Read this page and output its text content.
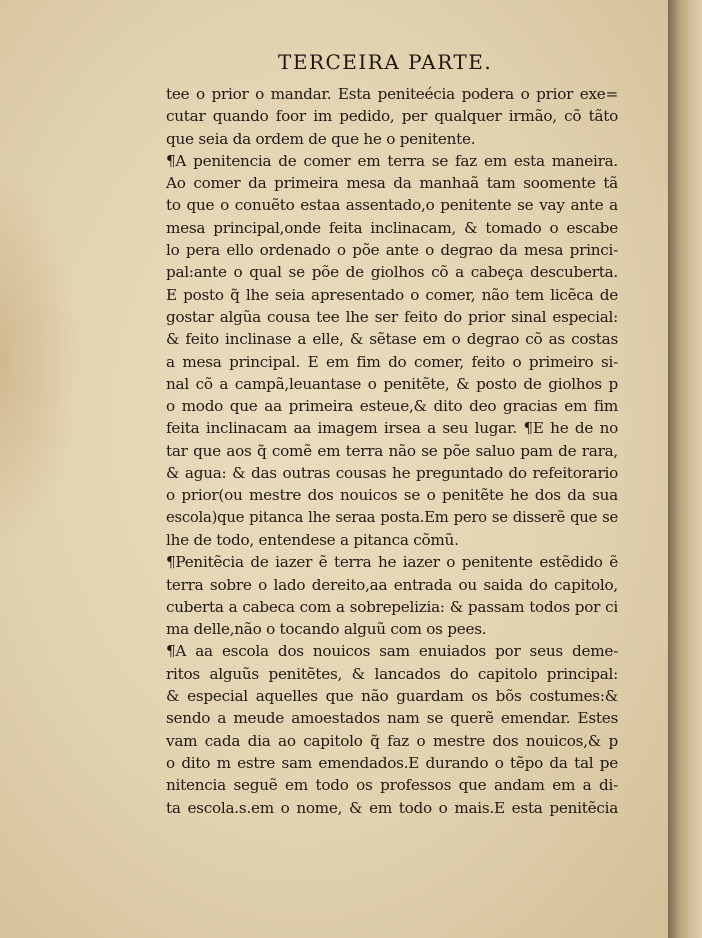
TERCEIRA PARTE.
tee o prior o mandar. Esta peniteécia podera o prior exe=
cutar quando foor im pedido, per qualquer irmão, cõ tãto
que seia da ordem de que he o penitente.
¶A penitencia de comer em terra se faz em esta maneira.
Ao comer da primeira mesa da manhaã tam soomente tã
to que o conuẽto estaa assentado,o penitente se vay ante a
mesa principal,onde feita inclinacam, & tomado o escabe
lo pera ello ordenado o põe ante o degrao da mesa princi-
pal:ante o qual se põe de giolhos cõ a cabeça descuberta.
E posto q̃ lhe seia apresentado o comer, não tem licẽca de
gostar algũa cousa tee lhe ser feito do prior sinal especial:
& feito inclinase a elle, & sẽtase em o degrao cõ as costas
a mesa principal. E em fim do comer, feito o primeiro si-
nal cõ a campã,leuantase o penitẽte, & posto de giolhos p
o modo que aa primeira esteue,& dito deo gracias em fim
feita inclinacam aa imagem irsea a seu lugar. ¶E he de no
tar que aos q̃ comẽ em terra não se põe saluo pam de rara,
& agua: & das outras cousas he preguntado do refeitorario
o prior(ou mestre dos nouicos se o penitẽte he dos da sua
escola)que pitanca lhe seraa posta.Em pero se disserẽ que se
lhe de todo, entendese a pitanca cõmũ.
¶Penitẽcia de iazer ẽ terra he iazer o penitente estẽdido ẽ
terra sobre o lado dereito,aa entrada ou saida do capitolo,
cuberta a cabeca com a sobrepelizia: & passam todos por ci
ma delle,não o tocando alguũ com os pees.
¶A aa escola dos nouicos sam enuiados por seus deme-
ritos alguũs penitẽtes, & lancados do capitolo principal:
& especial aquelles que não guardam os bõs costumes:&
sendo a meude amoestados nam se querẽ emendar. Estes
vam cada dia ao capitolo q̃ faz o mestre dos nouicos,& p
o dito m estre sam emendados.E durando o tẽpo da tal pe
nitencia seguẽ em todo os professos que andam em a di-
ta escola.s.em o nome, & em todo o mais.E esta penitẽcia
